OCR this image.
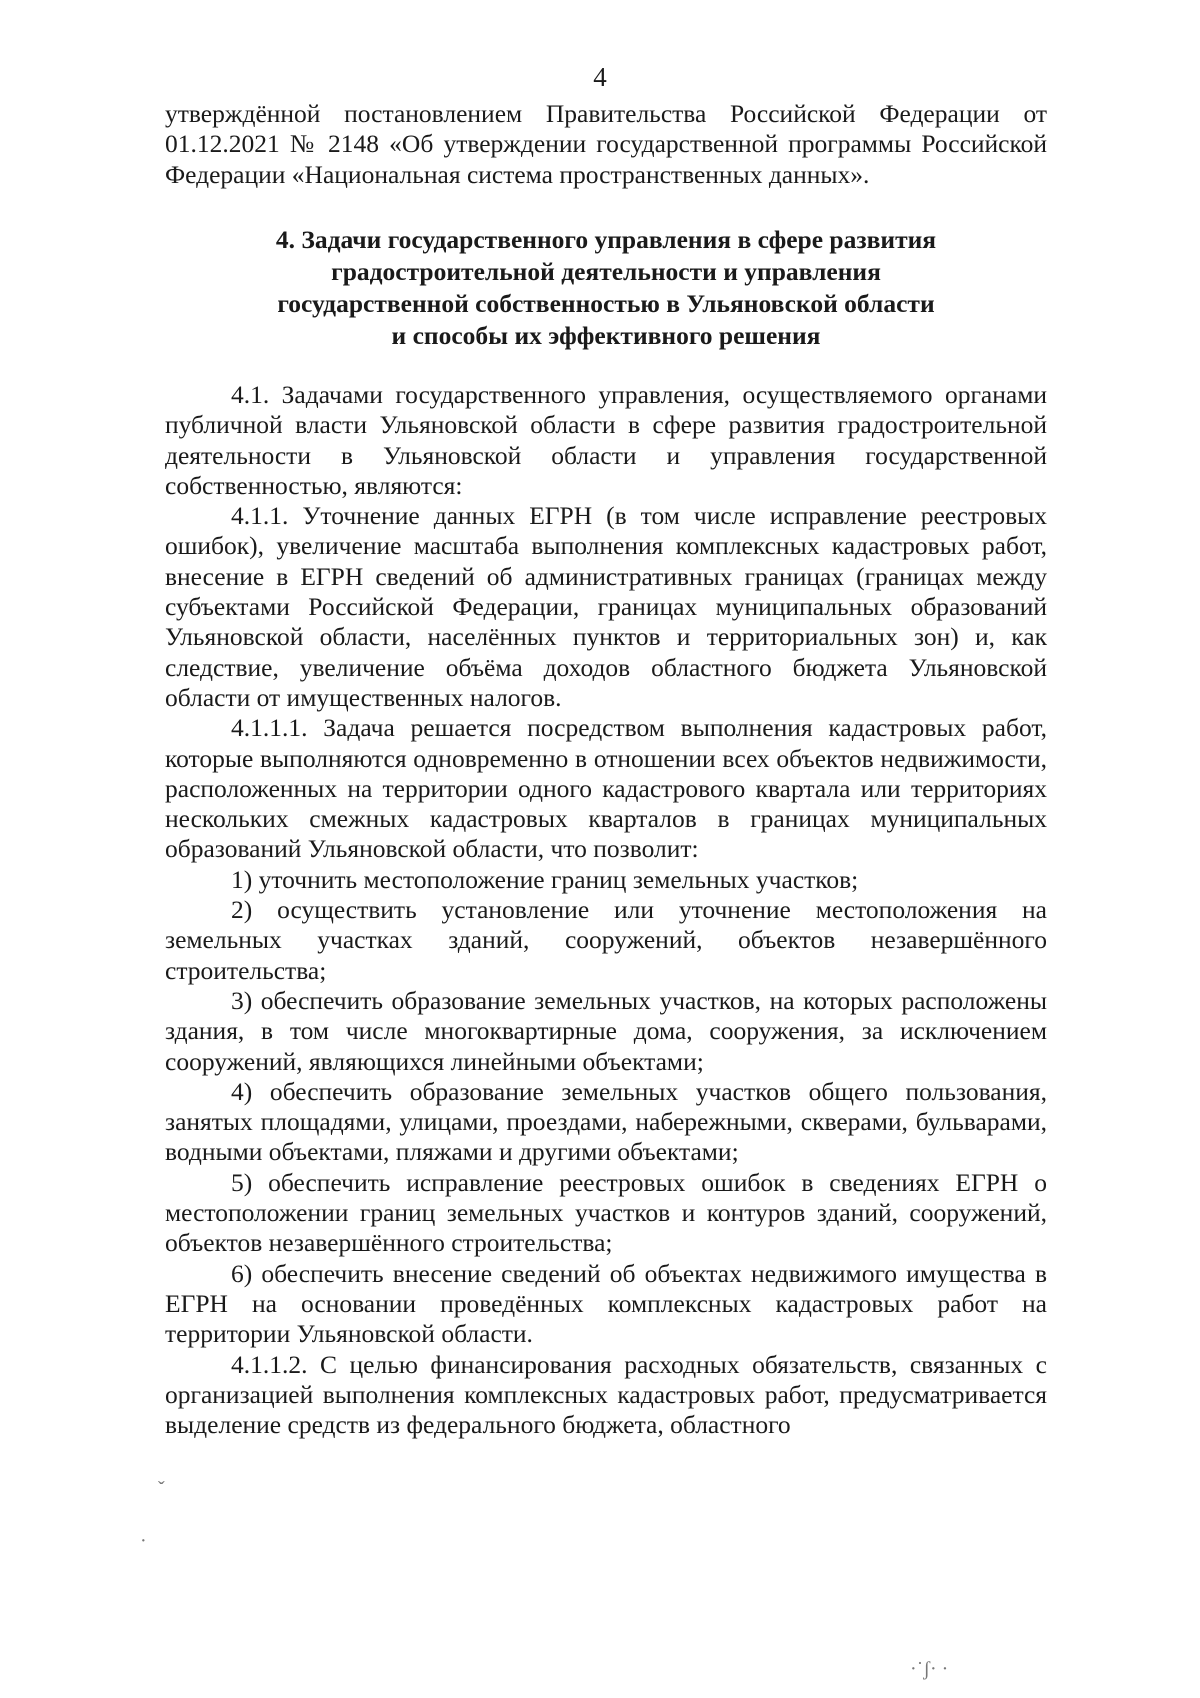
4

утверждённой постановлением Правительства Российской Федерации от 01.12.2021 № 2148 «Об утверждении государственной программы Российской Федерации «Национальная система пространственных данных».

4. Задачи государственного управления в сфере развития
градостроительной деятельности и управления
государственной собственностью в Ульяновской области
и способы их эффективного решения

4.1. Задачами государственного управления, осуществляемого органами публичной власти Ульяновской области в сфере развития градостроительной деятельности в Ульяновской области и управления государственной собственностью, являются:

4.1.1. Уточнение данных ЕГРН (в том числе исправление реестровых ошибок), увеличение масштаба выполнения комплексных кадастровых работ, внесение в ЕГРН сведений об административных границах (границах между субъектами Российской Федерации, границах муниципальных образований Ульяновской области, населённых пунктов и территориальных зон) и, как следствие, увеличение объёма доходов областного бюджета Ульяновской области от имущественных налогов.

4.1.1.1. Задача решается посредством выполнения кадастровых работ, которые выполняются одновременно в отношении всех объектов недвижимости, расположенных на территории одного кадастрового квартала или территориях нескольких смежных кадастровых кварталов в границах муниципальных образований Ульяновской области, что позволит:

1) уточнить местоположение границ земельных участков;

2) осуществить установление или уточнение местоположения на земельных участках зданий, сооружений, объектов незавершённого строительства;

3) обеспечить образование земельных участков, на которых расположены здания, в том числе многоквартирные дома, сооружения, за исключением сооружений, являющихся линейными объектами;

4) обеспечить образование земельных участков общего пользования, занятых площадями, улицами, проездами, набережными, скверами, бульварами, водными объектами, пляжами и другими объектами;

5) обеспечить исправление реестровых ошибок в сведениях ЕГРН о местоположении границ земельных участков и контуров зданий, сооружений, объектов незавершённого строительства;

6) обеспечить внесение сведений об объектах недвижимого имущества в ЕГРН на основании проведённых комплексных кадастровых работ на территории Ульяновской области.

4.1.1.2. С целью финансирования расходных обязательств, связанных с организацией выполнения комплексных кадастровых работ, предусматривается выделение средств из федерального бюджета, областного

ˇ
·
·˙ʃ· ·
